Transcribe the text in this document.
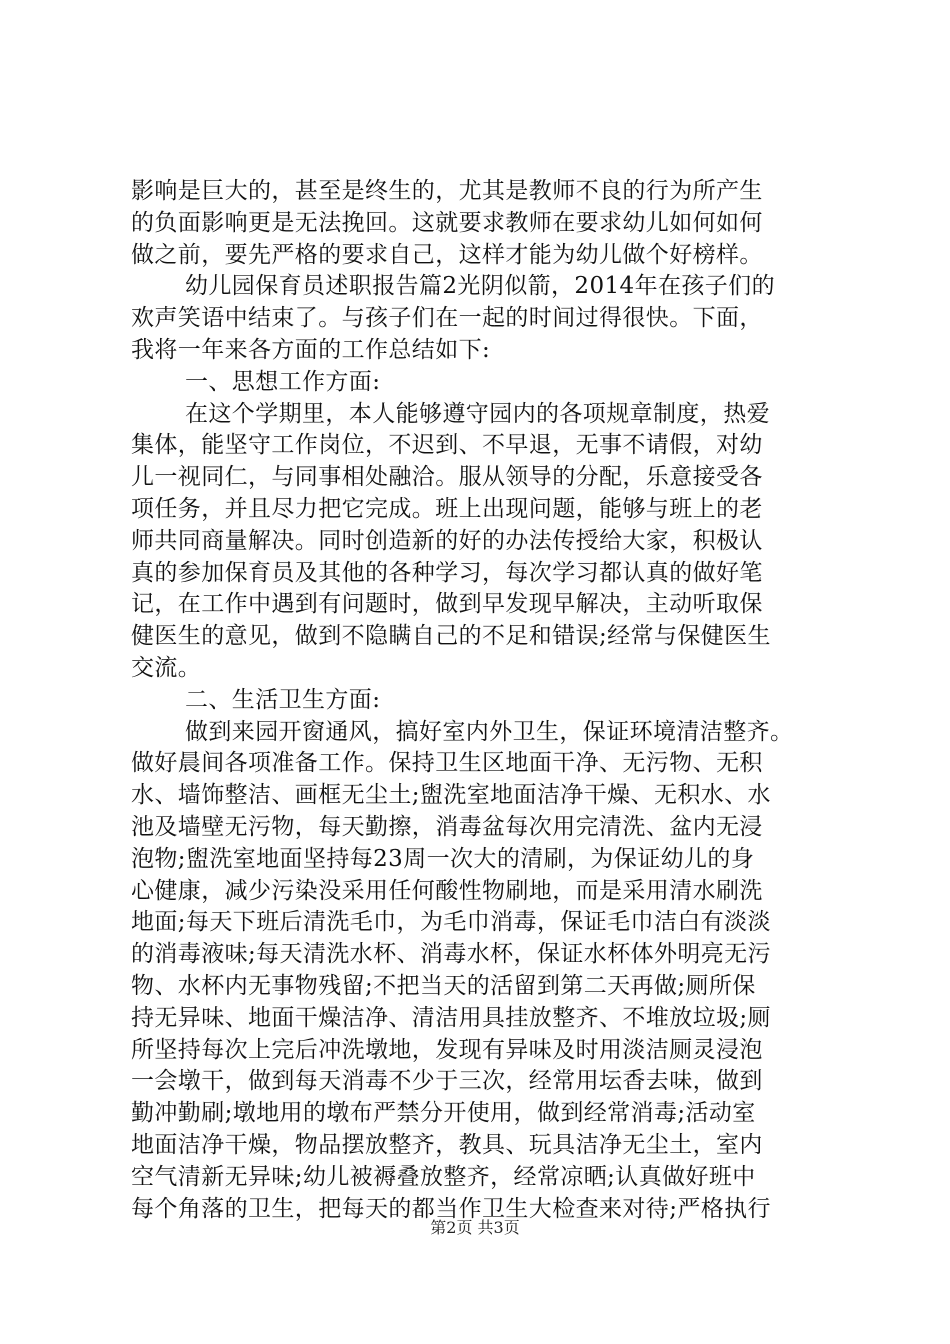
影响是巨大的，甚至是终生的，尤其是教师不良的行为所产生
的负面影响更是无法挽回。这就要求教师在要求幼儿如何如何
做之前，要先严格的要求自己，这样才能为幼儿做个好榜样。
幼儿园保育员述职报告篇2光阴似箭，2014年在孩子们的
欢声笑语中结束了。与孩子们在一起的时间过得很快。下面，
我将一年来各方面的工作总结如下:
一、思想工作方面:
在这个学期里，本人能够遵守园内的各项规章制度，热爱
集体，能坚守工作岗位，不迟到、不早退，无事不请假，对幼
儿一视同仁，与同事相处融洽。服从领导的分配，乐意接受各
项任务，并且尽力把它完成。班上出现问题，能够与班上的老
师共同商量解决。同时创造新的好的办法传授给大家，积极认
真的参加保育员及其他的各种学习，每次学习都认真的做好笔
记，在工作中遇到有问题时，做到早发现早解决，主动听取保
健医生的意见，做到不隐瞒自己的不足和错误;经常与保健医生
交流。
二、生活卫生方面:
做到来园开窗通风，搞好室内外卫生，保证环境清洁整齐。
做好晨间各项准备工作。保持卫生区地面干净、无污物、无积
水、墙饰整洁、画框无尘土;盥洗室地面洁净干燥、无积水、水
池及墙壁无污物，每天勤擦，消毒盆每次用完清洗、盆内无浸
泡物;盥洗室地面坚持每23周一次大的清刷，为保证幼儿的身
心健康，减少污染没采用任何酸性物刷地，而是采用清水刷洗
地面;每天下班后清洗毛巾，为毛巾消毒，保证毛巾洁白有淡淡
的消毒液味;每天清洗水杯、消毒水杯，保证水杯体外明亮无污
物、水杯内无事物残留;不把当天的活留到第二天再做;厕所保
持无异味、地面干燥洁净、清洁用具挂放整齐、不堆放垃圾;厕
所坚持每次上完后冲洗墩地，发现有异味及时用淡洁厕灵浸泡
一会墩干，做到每天消毒不少于三次，经常用坛香去味，做到
勤冲勤刷;墩地用的墩布严禁分开使用，做到经常消毒;活动室
地面洁净干燥，物品摆放整齐，教具、玩具洁净无尘土，室内
空气清新无异味;幼儿被褥叠放整齐，经常凉晒;认真做好班中
每个角落的卫生，把每天的都当作卫生大检查来对待;严格执行
第2页 共3页
